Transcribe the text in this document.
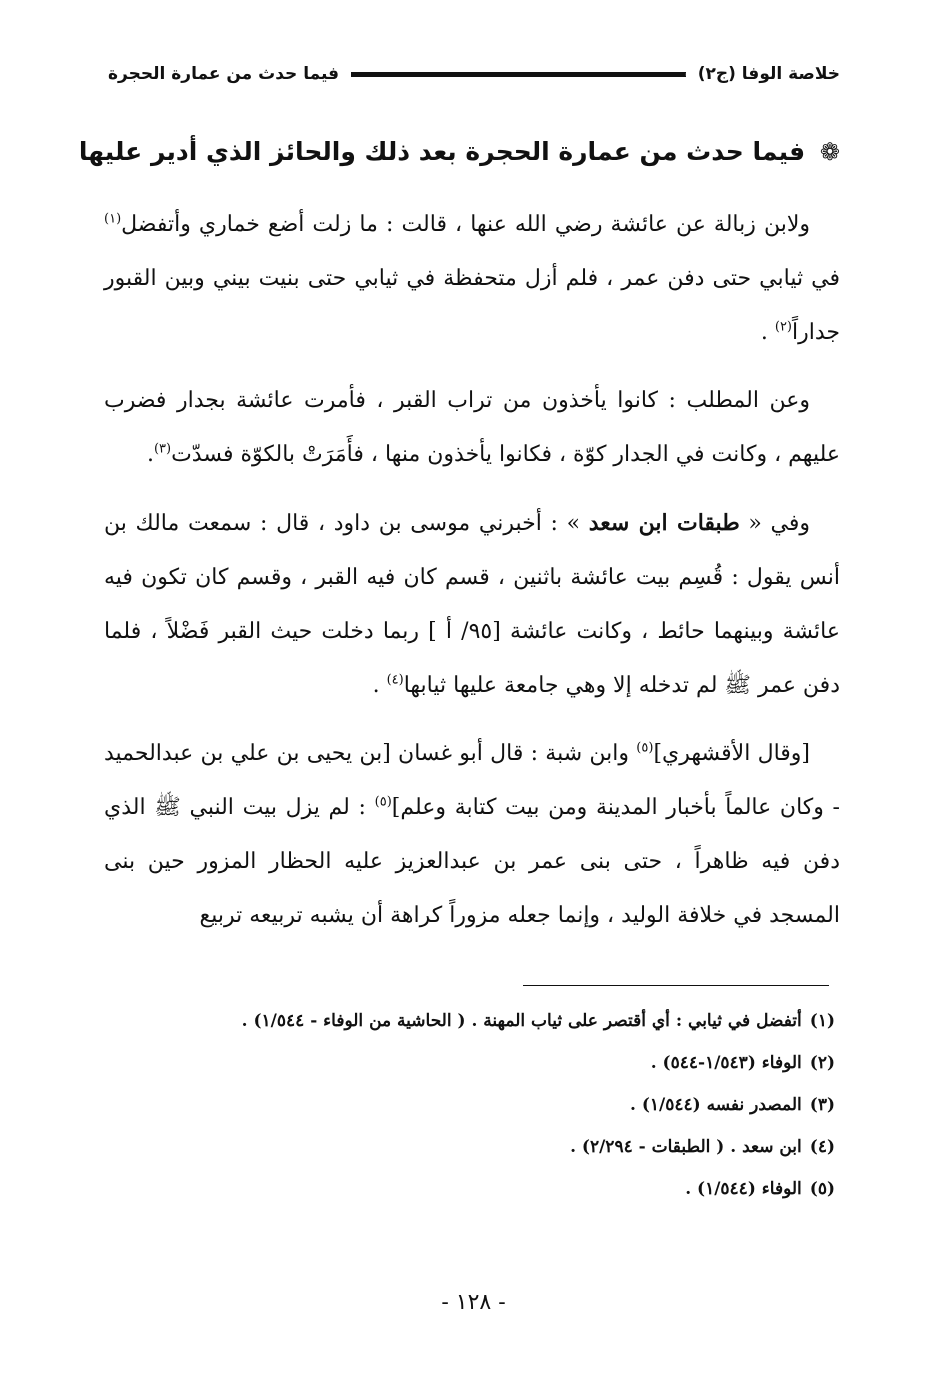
خلاصة الوفا (ج٢)
فيما حدث من عمارة الحجرة
❁ فيما حدث من عمارة الحجرة بعد ذلك والحائز الذي أدير عليها

ولابن زبالة عن عائشة رضي الله عنها ، قالت : ما زلت أضع خماري وأتفضل$^{(١)}$ في ثيابي حتى دفن عمر ، فلم أزل متحفظة في ثيابي حتى بنيت بيني وبين القبور جداراً$^{(٢)}$ .

وعن المطلب : كانوا يأخذون من تراب القبر ، فأمرت عائشة بجدار فضرب عليهم ، وكانت في الجدار كوّة ، فكانوا يأخذون منها ، فأَمَرَتْ بالكوّة فسدّت$^{(٣)}$.

وفي « طبقات ابن سعد » : أخبرني موسى بن داود ، قال : سمعت مالك بن أنس يقول : قُسِم بيت عائشة باثنين ، قسم كان فيه القبر ، وقسم كان تكون فيه عائشة وبينهما حائط ، وكانت عائشة [٩٥/ أ ] ربما دخلت حيث القبر فَضْلاً ، فلما دفن عمر ﷺ لم تدخله إلا وهي جامعة عليها ثيابها$^{(٤)}$ .

[وقال الأقشهري]$^{(٥)}$ وابن شبة : قال أبو غسان [بن يحيى بن علي بن عبدالحميد - وكان عالماً بأخبار المدينة ومن بيت كتابة وعلم]$^{(٥)}$ : لم يزل بيت النبي ﷺ الذي دفن فيه ظاهراً ، حتى بنى عمر بن عبدالعزيز عليه الحظار المزور حين بنى المسجد في خلافة الوليد ، وإنما جعله مزوراً كراهة أن يشبه تربيعه تربيع

(١)
أتفضل في ثيابي : أي أقتصر على ثياب المهنة . ( الحاشية من الوفاء - ١/٥٤٤) .
(٢)
الوفاء (١/٥٤٣-٥٤٤) .
(٣)
المصدر نفسه (١/٥٤٤) .
(٤)
ابن سعد . ( الطبقات - ٢/٢٩٤) .
(٥)
الوفاء (١/٥٤٤) .
- ١٢٨ -
